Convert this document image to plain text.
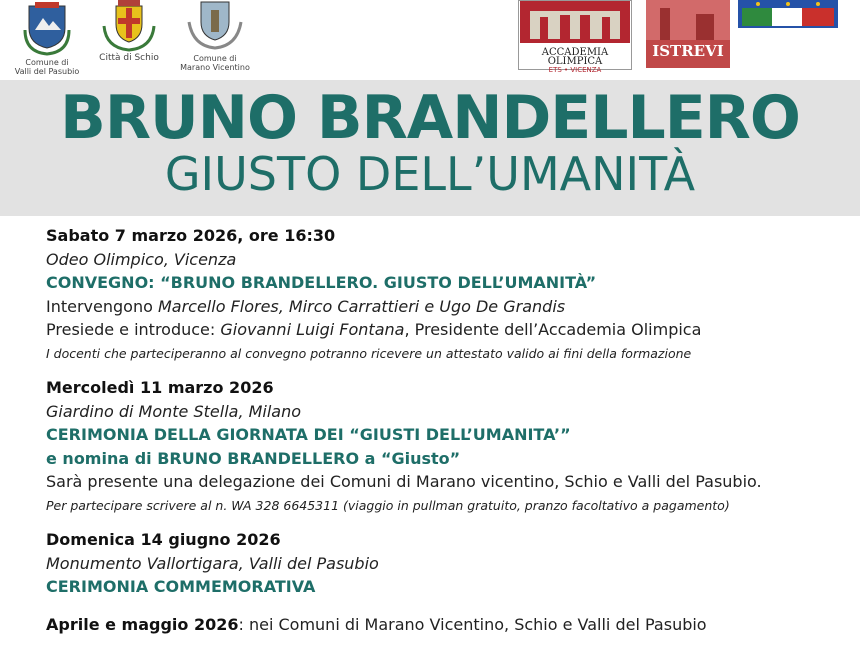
Comune di
Valli del Pasubio
Città di Schio	Comune di
Marano Vicentino
ACCADEMIA OLIMPICA
ETS • VICENZA
ISTREVI
BRUNO BRANDELLERO
GIUSTO DELL’UMANITÀ
Sabato 7 marzo 2026, ore 16:30
Odeo Olimpico, Vicenza
CONVEGNO: “BRUNO BRANDELLERO. GIUSTO DELL’UMANITÀ”
Intervengono Marcello Flores, Mirco Carrattieri e Ugo De Grandis
Presiede e introduce: Giovanni Luigi Fontana, Presidente dell’Accademia Olimpica
I docenti che parteciperanno al convegno potranno ricevere un attestato valido ai fini della formazione
Mercoledì 11 marzo 2026
Giardino di Monte Stella, Milano
CERIMONIA DELLA GIORNATA DEI “GIUSTI DELL’UMANITA’”
e nomina di BRUNO BRANDELLERO a “Giusto”
Sarà presente una delegazione dei Comuni di Marano vicentino, Schio e Valli del Pasubio.
Per partecipare scrivere al n. WA 328 6645311 (viaggio in pullman gratuito, pranzo facoltativo a pagamento)
Domenica 14 giugno 2026
Monumento Vallortigara, Valli del Pasubio
CERIMONIA COMMEMORATIVA
Aprile e maggio 2026: nei Comuni di Marano Vicentino, Schio e Valli del Pasubio
